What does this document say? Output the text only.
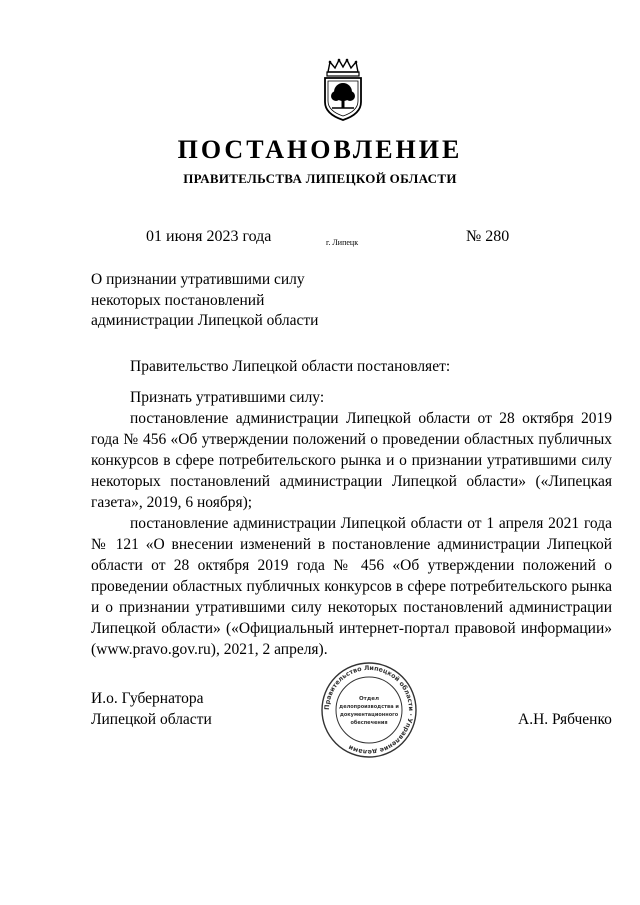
ПОСТАНОВЛЕНИЕ
ПРАВИТЕЛЬСТВА ЛИПЕЦКОЙ ОБЛАСТИ
01 июня 2023 года	г. Липецк	№ 280
О признании утратившими силу
некоторых постановлений
администрации Липецкой области

Правительство Липецкой области постановляет:

Признать утратившими силу:

постановление администрации Липецкой области от 28 октября 2019 года № 456 «Об утверждении положений о проведении областных публичных конкурсов в сфере потребительского рынка и о признании утратившими силу некоторых постановлений администрации Липецкой области» («Липецкая газета», 2019, 6 ноября);

постановление администрации Липецкой области от 1 апреля 2021 года № 121 «О внесении изменений в постановление администрации Липецкой области от 28 октября 2019 года № 456 «Об утверждении положений о проведении областных публичных конкурсов в сфере потребительского рынка и о признании утратившими силу некоторых постановлений администрации Липецкой области» («Официальный интернет-портал правовой информации» (www.pravo.gov.ru), 2021, 2 апреля).

И.о. Губернатора
Липецкой области
Правительство Липецкой области · Управление делами
Отдел
делопроизводства и
документационного
обеспечения	А.Н. Рябченко
